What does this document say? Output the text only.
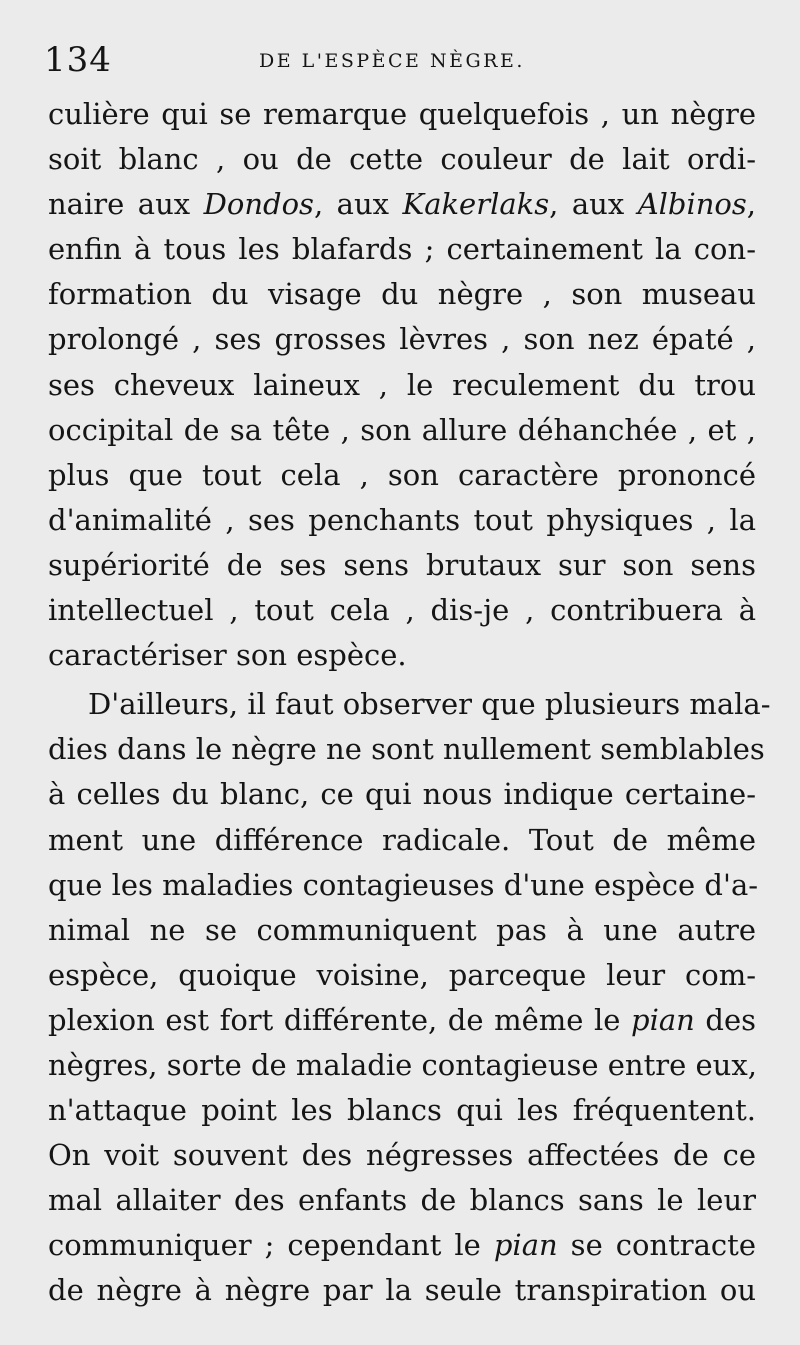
134	DE L'ESPÈCE NÈGRE.
culière qui se remarque quelquefois , un nègre
soit blanc , ou de cette couleur de lait ordi-
naire aux Dondos, aux Kakerlaks, aux Albinos,
enfin à tous les blafards ; certainement la con-
formation du visage du nègre , son museau
prolongé , ses grosses lèvres , son nez épaté ,
ses cheveux laineux , le reculement du trou
occipital de sa tête , son allure déhanchée , et ,
plus que tout cela , son caractère prononcé
d'animalité , ses penchants tout physiques , la
supériorité de ses sens brutaux sur son sens
intellectuel , tout cela , dis-je , contribuera à
caractériser son espèce.
D'ailleurs, il faut observer que plusieurs mala-
dies dans le nègre ne sont nullement semblables
à celles du blanc, ce qui nous indique certaine-
ment une différence radicale. Tout de même
que les maladies contagieuses d'une espèce d'a-
nimal ne se communiquent pas à une autre
espèce, quoique voisine, parceque leur com-
plexion est fort différente, de même le pian des
nègres, sorte de maladie contagieuse entre eux,
n'attaque point les blancs qui les fréquentent.
On voit souvent des négresses affectées de ce
mal allaiter des enfants de blancs sans le leur
communiquer ; cependant le pian se contracte
de nègre à nègre par la seule transpiration ou
